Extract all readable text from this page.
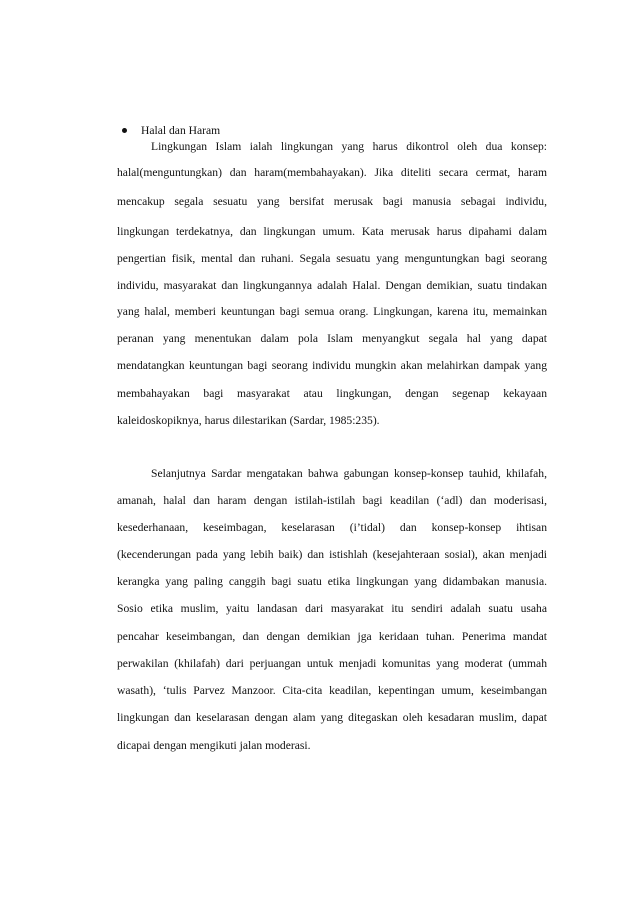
Halal dan Haram
Lingkungan Islam ialah lingkungan yang harus dikontrol oleh dua konsep:
halal(menguntungkan) dan haram(membahayakan). Jika diteliti secara cermat, haram
mencakup segala sesuatu yang bersifat merusak bagi manusia sebagai individu,
lingkungan terdekatnya, dan lingkungan umum. Kata merusak harus dipahami dalam
pengertian fisik, mental dan ruhani. Segala sesuatu yang menguntungkan bagi seorang
individu, masyarakat dan lingkungannya adalah Halal. Dengan demikian, suatu tindakan
yang halal, memberi keuntungan bagi semua orang. Lingkungan, karena itu, memainkan
peranan yang menentukan dalam pola Islam menyangkut segala hal yang dapat
mendatangkan keuntungan bagi seorang individu mungkin akan melahirkan dampak yang
membahayakan bagi masyarakat atau lingkungan, dengan segenap kekayaan
kaleidoskopiknya, harus dilestarikan (Sardar, 1985:235).
Selanjutnya Sardar mengatakan bahwa gabungan konsep-konsep tauhid, khilafah,
amanah, halal dan haram dengan istilah-istilah bagi keadilan (‘adl) dan moderisasi,
kesederhanaan, keseimbagan, keselarasan (i’tidal) dan konsep-konsep ihtisan
(kecenderungan pada yang lebih baik) dan istishlah (kesejahteraan sosial), akan menjadi
kerangka yang paling canggih bagi suatu etika lingkungan yang didambakan manusia.
Sosio etika muslim, yaitu landasan dari masyarakat itu sendiri adalah suatu usaha
pencahar keseimbangan, dan dengan demikian jga keridaan tuhan. Penerima mandat
perwakilan (khilafah) dari perjuangan untuk menjadi komunitas yang moderat (ummah
wasath), ‘tulis Parvez Manzoor. Cita-cita keadilan, kepentingan umum, keseimbangan
lingkungan dan keselarasan dengan alam yang ditegaskan oleh kesadaran muslim, dapat
dicapai dengan mengikuti jalan moderasi.
